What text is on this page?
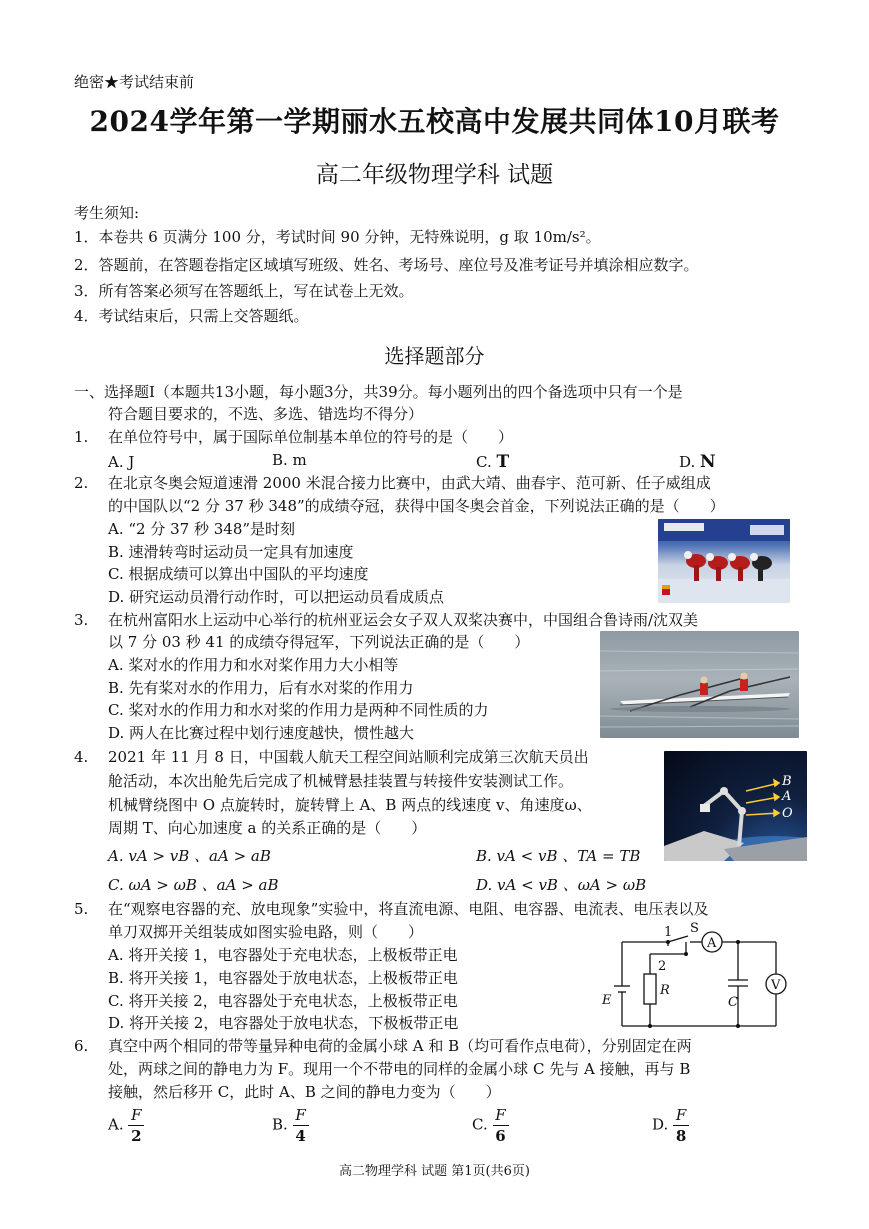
绝密★考试结束前
2024学年第一学期丽水五校高中发展共同体10月联考
高二年级物理学科 试题
考生须知:
1．本卷共 6 页满分 100 分，考试时间 90 分钟，无特殊说明，g 取 10m/s²。
2．答题前，在答题卷指定区域填写班级、姓名、考场号、座位号及准考证号并填涂相应数字。
3．所有答案必须写在答题纸上，写在试卷上无效。
4．考试结束后，只需上交答题纸。
选择题部分
一、选择题I（本题共13小题，每小题3分，共39分。每小题列出的四个备选项中只有一个是
符合题目要求的，不选、多选、错选均不得分）
1. 在单位符号中，属于国际单位制基本单位的符号的是（　　）
A. J	B. m	C. T	D. N
2. 在北京冬奥会短道速滑 2000 米混合接力比赛中，由武大靖、曲春宇、范可新、任子威组成
的中国队以“2 分 37 秒 348”的成绩夺冠，获得中国冬奥会首金，下列说法正确的是（　　）
A. “2 分 37 秒 348”是时刻
B. 速滑转弯时运动员一定具有加速度
C. 根据成绩可以算出中国队的平均速度
D. 研究运动员滑行动作时，可以把运动员看成质点
3. 在杭州富阳水上运动中心举行的杭州亚运会女子双人双桨决赛中，中国组合鲁诗雨/沈双美
以 7 分 03 秒 41 的成绩夺得冠军，下列说法正确的是（　　）
A. 桨对水的作用力和水对桨作用力大小相等
B. 先有桨对水的作用力，后有水对桨的作用力
C. 桨对水的作用力和水对桨的作用力是两种不同性质的力
D. 两人在比赛过程中划行速度越快，惯性越大
4. 2021 年 11 月 8 日，中国载人航天工程空间站顺利完成第三次航天员出
舱活动，本次出舱先后完成了机械臂悬挂装置与转接件安装测试工作。
机械臂绕图中 O 点旋转时，旋转臂上 A、B 两点的线速度 v、角速度ω、
周期 T、向心加速度 a 的关系正确的是（　　）
A. vA > vB 、aA > aB	B. vA < vB 、TA = TB
C. ωA > ωB 、aA > aB	D. vA < vB 、ωA > ωB
B
A
O
5. 在“观察电容器的充、放电现象”实验中，将直流电源、电阻、电容器、电流表、电压表以及
单刀双掷开关组装成如图实验电路，则（　　）
A. 将开关接 1，电容器处于充电状态，上极板带正电
B. 将开关接 1，电容器处于放电状态，上极板带正电
C. 将开关接 2，电容器处于充电状态，上极板带正电
D. 将开关接 2，电容器处于放电状态，下极板带正电
1
2
S
A
V
E
R
C
6. 真空中两个相同的带等量异种电荷的金属小球 A 和 B（均可看作点电荷），分别固定在两
处，两球之间的静电力为 F。现用一个不带电的同样的金属小球 C 先与 A 接触，再与 B
接触，然后移开 C，此时 A、B 之间的静电力变为（　　）
A. $\frac{F}{2}$	B. $\frac{F}{4}$	C. $\frac{F}{6}$	D. $\frac{F}{8}$
高二物理学科 试题 第1页(共6页)
